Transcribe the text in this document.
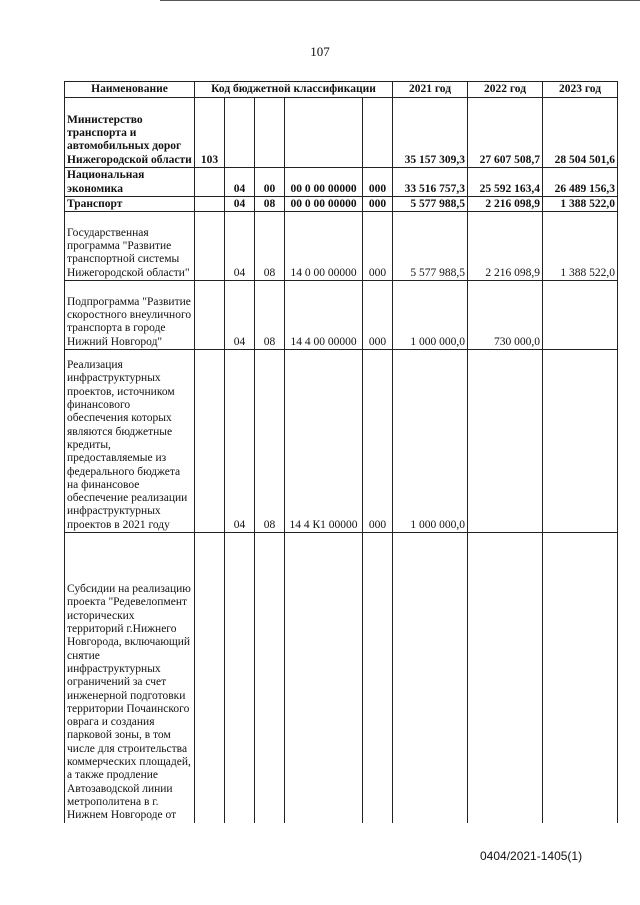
107
Наименование	Код бюджетной классификации					2021 год	2022 год	2023 год
Министерство транспорта и автомобильных дорог Нижегородской области	103					35 157 309,3	27 607 508,7	28 504 501,6
Национальная экономика		04	00	00 0 00 00000	000	33 516 757,3	25 592 163,4	26 489 156,3
Транспорт		04	08	00 0 00 00000	000	5 577 988,5	2 216 098,9	1 388 522,0
Государственная программа "Развитие транспортной системы Нижегородской области"		04	08	14 0 00 00000	000	5 577 988,5	2 216 098,9	1 388 522,0
Подпрограмма "Развитие скоростного внеуличного транспорта в городе Нижний Новгород"		04	08	14 4 00 00000	000	1 000 000,0	730 000,0	
Реализация инфраструктурных проектов, источником финансового обеспечения которых являются бюджетные кредиты, предоставляемые из федерального бюджета на финансовое обеспечение реализации инфраструктурных проектов в 2021 году		04	08	14 4 К1 00000	000	1 000 000,0		
Субсидии на реализацию проекта "Редевелопмент исторических территорий г.Нижнего Новгорода, включающий снятие инфраструктурных ограничений за счет инженерной подготовки территории Почаинского оврага и создания парковой зоны, в том числе для строительства коммерческих площадей, а также продление Автозаводской линии метрополитена в г. Нижнем Новгороде от								
0404/2021-1405(1)
